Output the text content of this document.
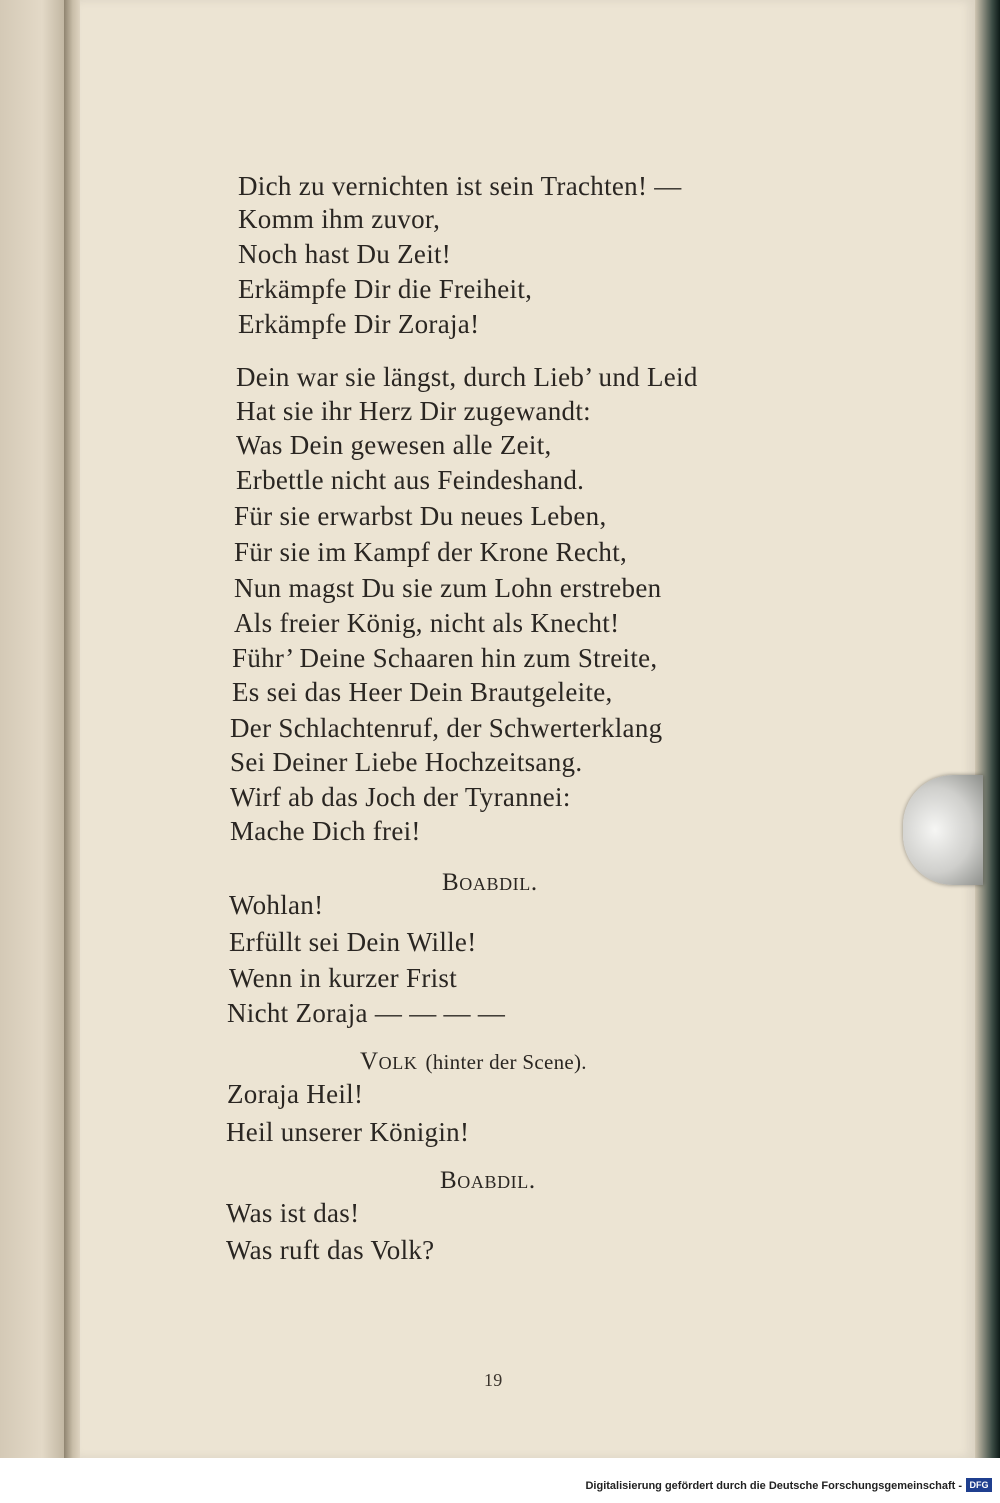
Dich zu vernichten ist sein Trachten! —
Komm ihm zuvor,
Noch hast Du Zeit!
Erkämpfe Dir die Freiheit,
Erkämpfe Dir Zoraja!
Dein war sie längst, durch Lieb’ und Leid
Hat sie ihr Herz Dir zugewandt:
Was Dein gewesen alle Zeit,
Erbettle nicht aus Feindeshand.
Für sie erwarbst Du neues Leben,
Für sie im Kampf der Krone Recht,
Nun magst Du sie zum Lohn erstreben
Als freier König, nicht als Knecht!
Führ’ Deine Schaaren hin zum Streite,
Es sei das Heer Dein Brautgeleite,
Der Schlachtenruf, der Schwerterklang
Sei Deiner Liebe Hochzeitsang.
Wirf ab das Joch der Tyrannei:
Mache Dich frei!
Boabdil.
Wohlan!
Erfüllt sei Dein Wille!
Wenn in kurzer Frist
Nicht Zoraja — — — —
Volk (hinter der Scene).
Zoraja Heil!
Heil unserer Königin!
Boabdil.
Was ist das!
Was ruft das Volk?
19
Digitalisierung gefördert durch die Deutsche Forschungsgemeinschaft - DFG
